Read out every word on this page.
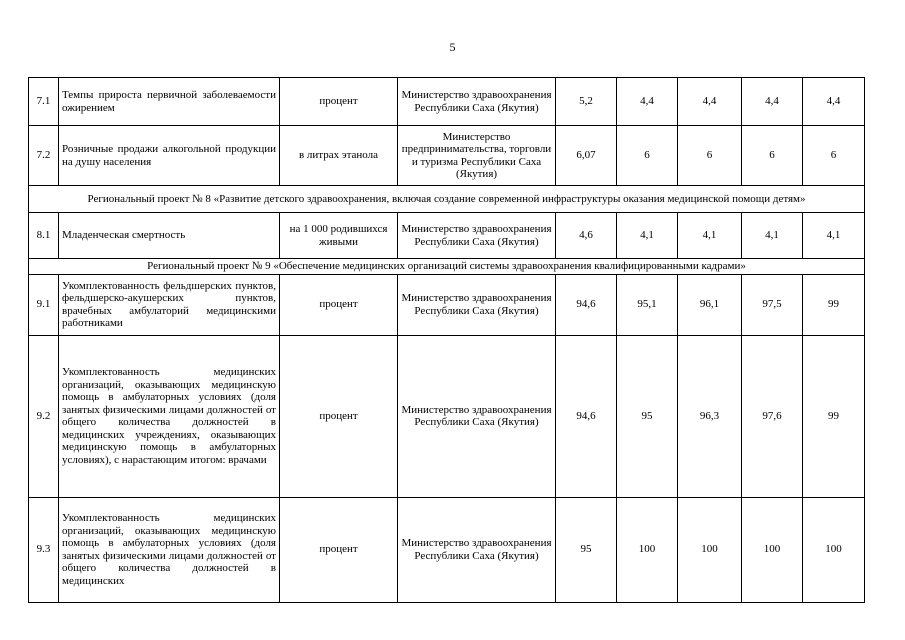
5
7.1	Темпы прироста первичной заболеваемости ожирением	процент	Министерство здравоохранения Республики Саха (Якутия)	5,2	4,4	4,4	4,4	4,4
7.2	Розничные продажи алкогольной продукции на душу населения	в литрах этанола	Министерство предпринимательства, торговли и туризма Республики Саха (Якутия)	6,07	6	6	6	6
Региональный проект № 8 «Развитие детского здравоохранения, включая создание современной инфраструктуры оказания медицинской помощи детям»								
8.1	Младенческая смертность	на 1 000 родившихся живыми	Министерство здравоохранения Республики Саха (Якутия)	4,6	4,1	4,1	4,1	4,1
Региональный проект № 9 «Обеспечение медицинских организаций системы здравоохранения квалифицированными кадрами»								
9.1	Укомплектованность фельдшерских пунктов, фельдшерско-акушерских пунктов, врачебных амбулаторий медицинскими работниками	процент	Министерство здравоохранения Республики Саха (Якутия)	94,6	95,1	96,1	97,5	99
9.2	Укомплектованность медицинских организаций, оказывающих медицинскую помощь в амбулаторных условиях (доля занятых физическими лицами должностей от общего количества должностей в медицинских учреждениях, оказывающих медицинскую помощь в амбулаторных условиях), с нарастающим итогом: врачами	процент	Министерство здравоохранения Республики Саха (Якутия)	94,6	95	96,3	97,6	99
9.3	Укомплектованность медицинских организаций, оказывающих медицинскую помощь в амбулаторных условиях (доля занятых физическими лицами должностей от общего количества должностей в медицинских	процент	Министерство здравоохранения Республики Саха (Якутия)	95	100	100	100	100
